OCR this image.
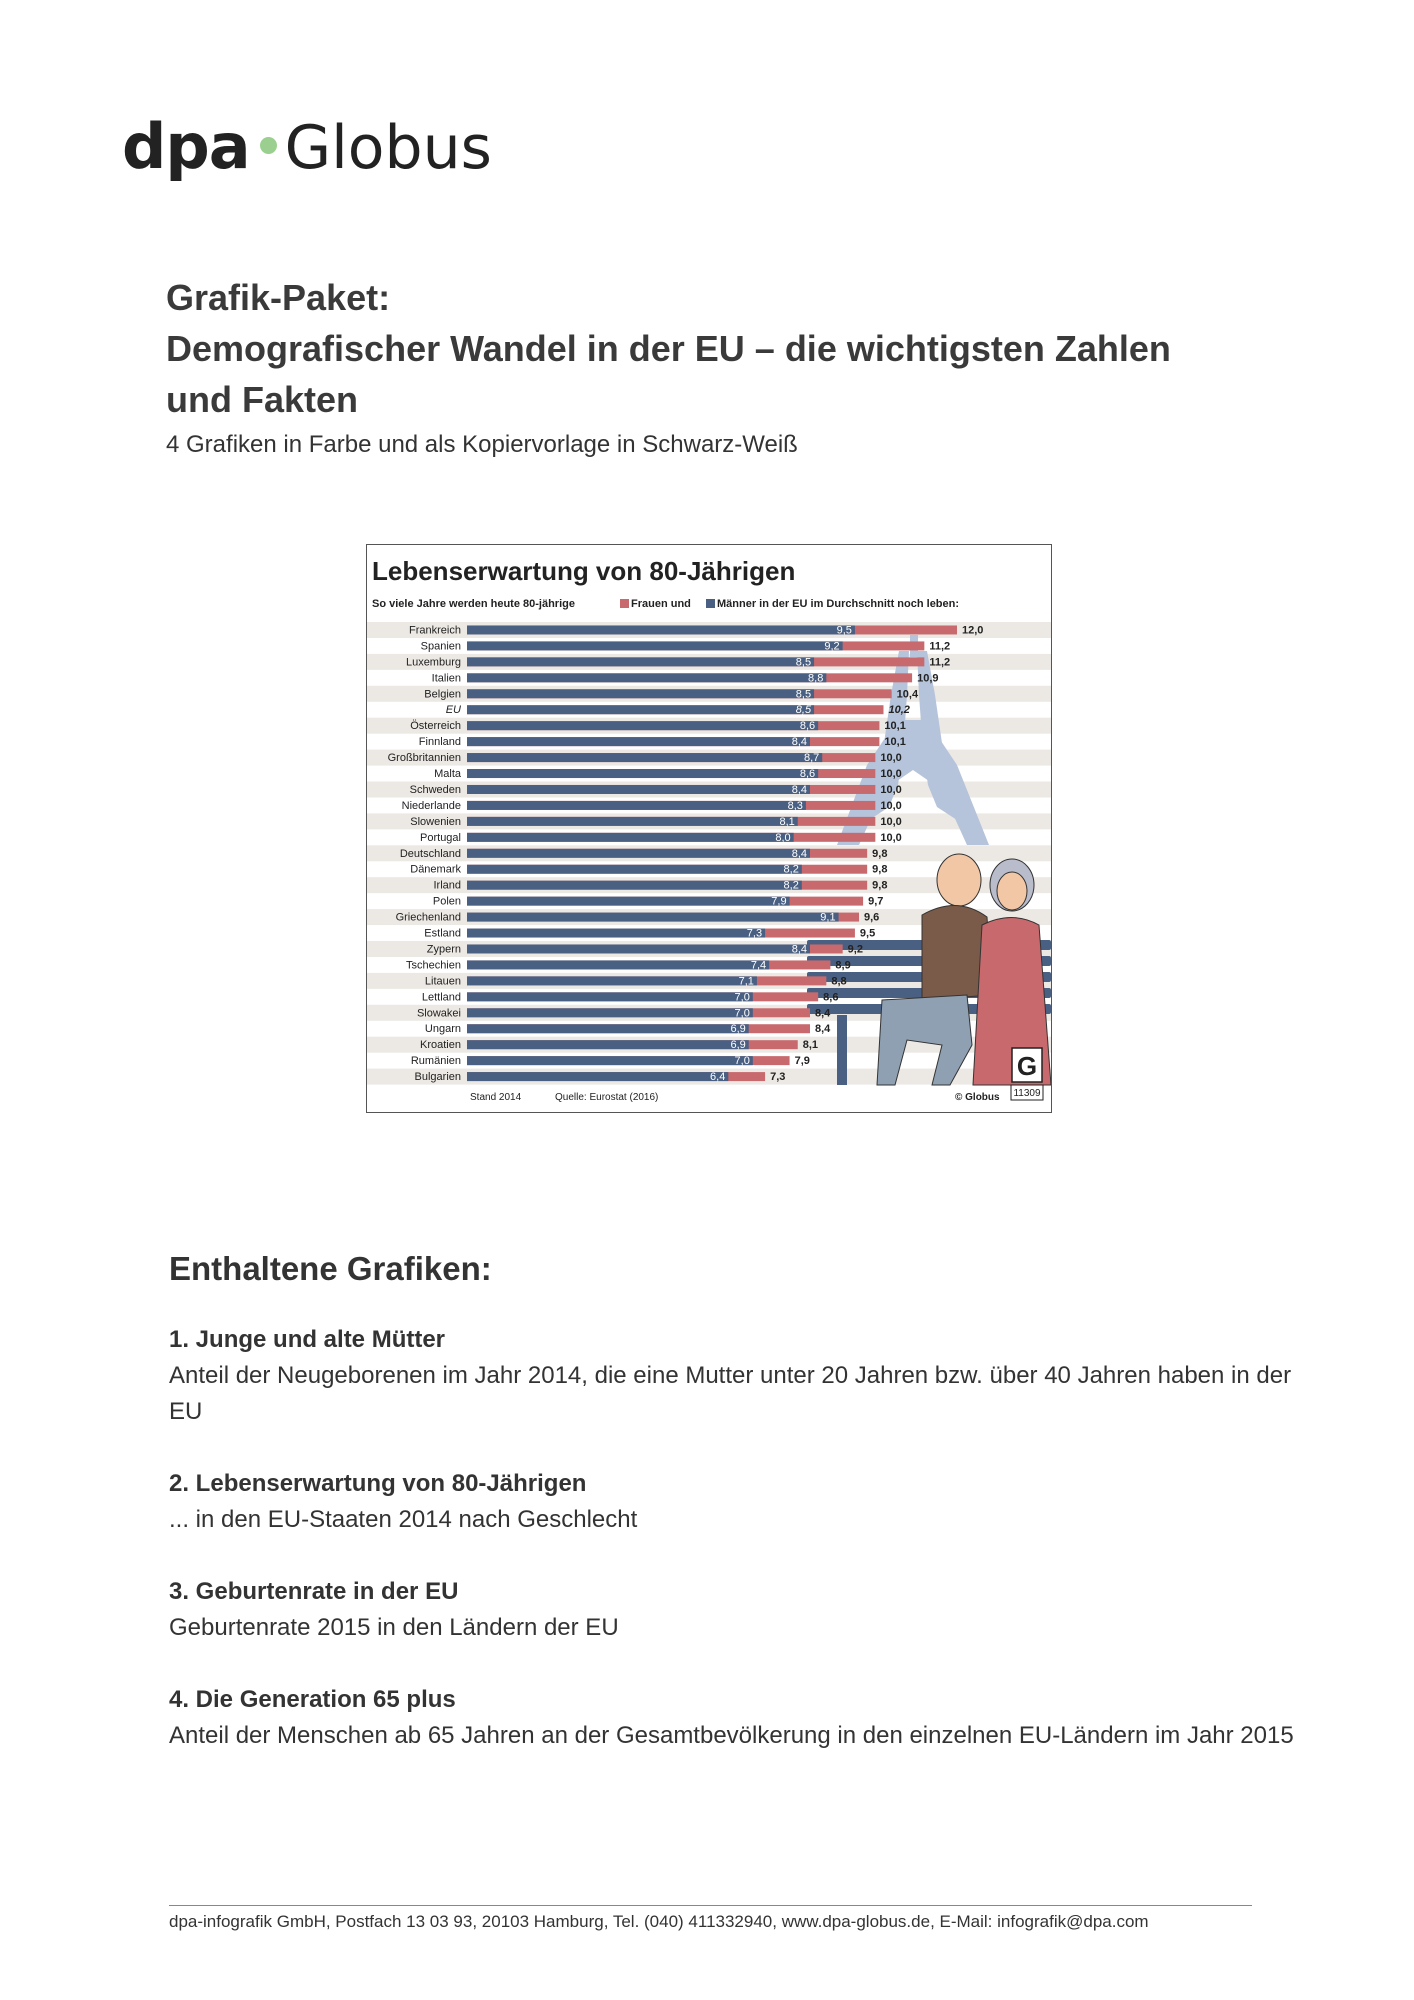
dpa Globus
Grafik-Paket:
Demografischer Wandel in der EU – die wichtigsten Zahlen
und Fakten
4 Grafiken in Farbe und als Kopiervorlage in Schwarz-Weiß
Lebenserwartung von 80-Jährigen
So viele Jahre werden heute 80-jährige	Frauen und Männer in der EU im Durchschnitt noch leben:
Frankreich	9,5	12,0
Spanien	9,2	11,2
Luxemburg	8,5	11,2
Italien	8,8	10,9
Belgien	8,5	10,4
EU	8,5	10,2
Österreich	8,6	10,1
Finnland	8,4	10,1
Großbritannien	8,7	10,0
Malta	8,6	10,0
Schweden	8,4	10,0
Niederlande	8,3	10,0
Slowenien	8,1	10,0
Portugal	8,0	10,0
Deutschland	8,4	9,8
Dänemark	8,2	9,8
Irland	8,2	9,8
Polen	7,9	9,7
Griechenland	9,1	9,6
Estland	7,3	9,5
Zypern	8,4	9,2
Tschechien	7,4	8,9
Litauen	7,1	8,8
Lettland	7,0	8,6
Slowakei	7,0	8,4
Ungarn	6,9	8,4
Kroatien	6,9	8,1
Rumänien	7,0	7,9
Bulgarien	6,4	7,3
Stand 2014	Quelle: Eurostat (2016)	© Globus
G
11309
Enthaltene Grafiken:
1. Junge und alte Mütter
Anteil der Neugeborenen im Jahr 2014, die eine Mutter unter 20 Jahren bzw. über 40 Jahren haben in der EU
2. Lebenserwartung von 80-Jährigen
... in den EU-Staaten 2014 nach Geschlecht
3. Geburtenrate in der EU
Geburtenrate 2015 in den Ländern der EU
4. Die Generation 65 plus
Anteil der Menschen ab 65 Jahren an der Gesamtbevölkerung in den einzelnen EU-Ländern im Jahr 2015
dpa-infografik GmbH, Postfach 13 03 93, 20103 Hamburg, Tel. (040) 411332940, www.dpa-globus.de, E-Mail: infografik@dpa.com
